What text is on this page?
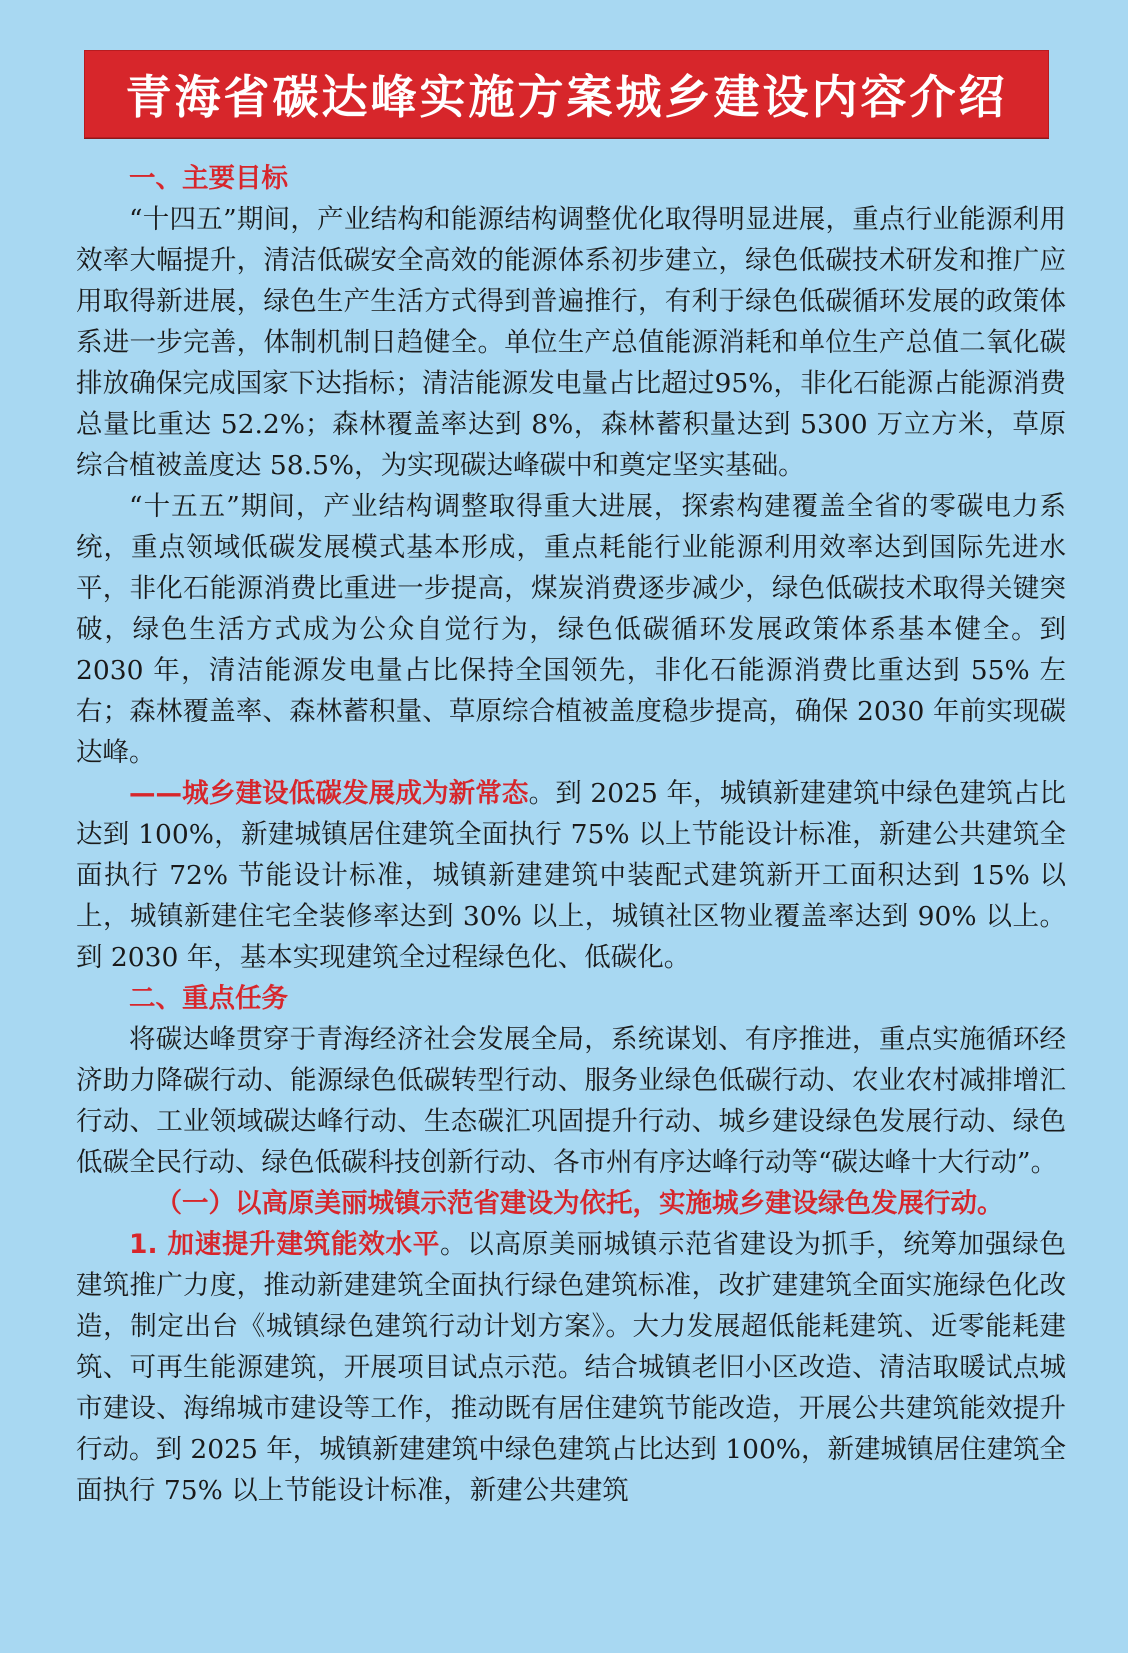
青海省碳达峰实施方案城乡建设内容介绍

一、主要目标

“十四五”期间，产业结构和能源结构调整优化取得明显进展，重点行业能源利用效率大幅提升，清洁低碳安全高效的能源体系初步建立，绿色低碳技术研发和推广应用取得新进展，绿色生产生活方式得到普遍推行，有利于绿色低碳循环发展的政策体系进一步完善，体制机制日趋健全。单位生产总值能源消耗和单位生产总值二氧化碳排放确保完成国家下达指标；清洁能源发电量占比超过95%，非化石能源占能源消费总量比重达 52.2%；森林覆盖率达到 8%，森林蓄积量达到 5300 万立方米，草原综合植被盖度达 58.5%，为实现碳达峰碳中和奠定坚实基础。

“十五五”期间，产业结构调整取得重大进展，探索构建覆盖全省的零碳电力系统，重点领域低碳发展模式基本形成，重点耗能行业能源利用效率达到国际先进水平，非化石能源消费比重进一步提高，煤炭消费逐步减少，绿色低碳技术取得关键突破，绿色生活方式成为公众自觉行为，绿色低碳循环发展政策体系基本健全。到 2030 年，清洁能源发电量占比保持全国领先，非化石能源消费比重达到 55% 左右；森林覆盖率、森林蓄积量、草原综合植被盖度稳步提高，确保 2030 年前实现碳达峰。

——城乡建设低碳发展成为新常态。到 2025 年，城镇新建建筑中绿色建筑占比达到 100%，新建城镇居住建筑全面执行 75% 以上节能设计标准，新建公共建筑全面执行 72% 节能设计标准，城镇新建建筑中装配式建筑新开工面积达到 15% 以上，城镇新建住宅全装修率达到 30% 以上，城镇社区物业覆盖率达到 90% 以上。到 2030 年，基本实现建筑全过程绿色化、低碳化。

二、重点任务

将碳达峰贯穿于青海经济社会发展全局，系统谋划、有序推进，重点实施循环经济助力降碳行动、能源绿色低碳转型行动、服务业绿色低碳行动、农业农村减排增汇行动、工业领域碳达峰行动、生态碳汇巩固提升行动、城乡建设绿色发展行动、绿色低碳全民行动、绿色低碳科技创新行动、各市州有序达峰行动等“碳达峰十大行动”。

（一）以高原美丽城镇示范省建设为依托，实施城乡建设绿色发展行动。

1. 加速提升建筑能效水平。以高原美丽城镇示范省建设为抓手，统筹加强绿色建筑推广力度，推动新建建筑全面执行绿色建筑标准，改扩建建筑全面实施绿色化改造，制定出台《城镇绿色建筑行动计划方案》。大力发展超低能耗建筑、近零能耗建筑、可再生能源建筑，开展项目试点示范。结合城镇老旧小区改造、清洁取暖试点城市建设、海绵城市建设等工作，推动既有居住建筑节能改造，开展公共建筑能效提升行动。到 2025 年，城镇新建建筑中绿色建筑占比达到 100%，新建城镇居住建筑全面执行 75% 以上节能设计标准，新建公共建筑
